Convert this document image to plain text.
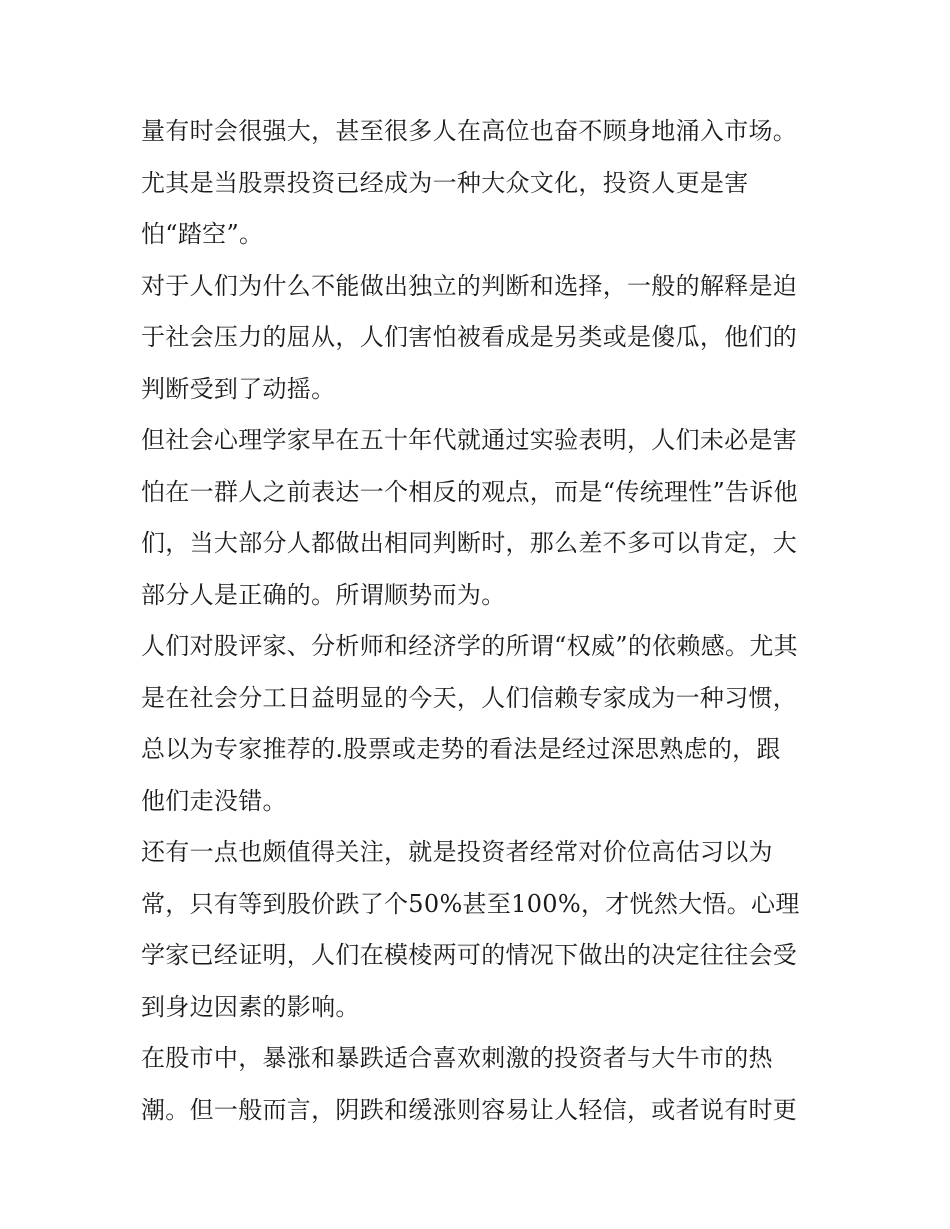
量有时会很强大，甚至很多人在高位也奋不顾身地涌入市场。
尤其是当股票投资已经成为一种大众文化，投资人更是害
怕“踏空”。
对于人们为什么不能做出独立的判断和选择，一般的解释是迫
于社会压力的屈从，人们害怕被看成是另类或是傻瓜，他们的
判断受到了动摇。
但社会心理学家早在五十年代就通过实验表明，人们未必是害
怕在一群人之前表达一个相反的观点，而是“传统理性”告诉他
们，当大部分人都做出相同判断时，那么差不多可以肯定，大
部分人是正确的。所谓顺势而为。
人们对股评家、分析师和经济学的所谓“权威”的依赖感。尤其
是在社会分工日益明显的今天，人们信赖专家成为一种习惯，
总以为专家推荐的.股票或走势的看法是经过深思熟虑的，跟
他们走没错。
还有一点也颇值得关注，就是投资者经常对价位高估习以为
常，只有等到股价跌了个50%甚至100%，才恍然大悟。心理
学家已经证明，人们在模棱两可的情况下做出的决定往往会受
到身边因素的影响。
在股市中，暴涨和暴跌适合喜欢刺激的投资者与大牛市的热
潮。但一般而言，阴跌和缓涨则容易让人轻信，或者说有时更
